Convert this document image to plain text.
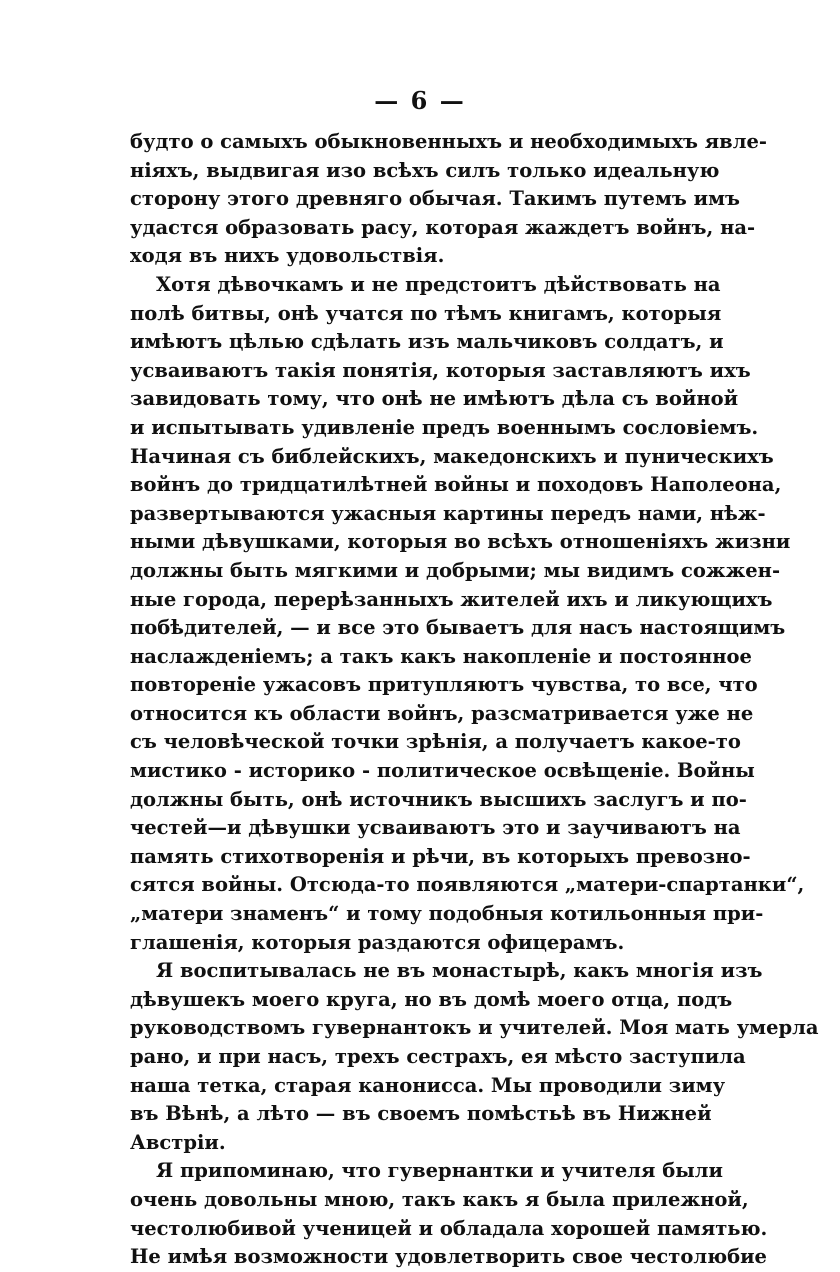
— 6 —
будто о самыхъ обыкновенныхъ и необходимыхъ явле-
ніяхъ, выдвигая изо всѣхъ силъ только идеальную
сторону этого древняго обычая. Такимъ путемъ имъ
удастся образовать расу, которая жаждетъ войнъ, на-
ходя въ нихъ удовольствія.
Хотя дѣвочкамъ и не предстоитъ дѣйствовать на
полѣ битвы, онѣ учатся по тѣмъ книгамъ, которыя
имѣютъ цѣлью сдѣлать изъ мальчиковъ солдатъ, и
усваиваютъ такія понятія, которыя заставляютъ ихъ
завидовать тому, что онѣ не имѣютъ дѣла съ войной
и испытывать удивленіе предъ военнымъ сословіемъ.
Начиная съ библейскихъ, македонскихъ и пуническихъ
войнъ до тридцатилѣтней войны и походовъ Наполеона,
развертываются ужасныя картины передъ нами, нѣж-
ными дѣвушками, которыя во всѣхъ отношеніяхъ жизни
должны быть мягкими и добрыми; мы видимъ сожжен-
ные города, перерѣзанныхъ жителей ихъ и ликующихъ
побѣдителей, — и все это бываетъ для насъ настоящимъ
наслажденіемъ; а такъ какъ накопленіе и постоянное
повтореніе ужасовъ притупляютъ чувства, то все, что
относится къ области войнъ, разсматривается уже не
съ человѣческой точки зрѣнія, а получаетъ какое-то
мистико - историко - политическое освѣщеніе. Войны
должны быть, онѣ источникъ высшихъ заслугъ и по-
честей—и дѣвушки усваиваютъ это и заучиваютъ на
память стихотворенія и рѣчи, въ которыхъ превозно-
сятся войны. Отсюда-то появляются „матери-спартанки“,
„матери знаменъ“ и тому подобныя котильонныя при-
глашенія, которыя раздаются офицерамъ.
Я воспитывалась не въ монастырѣ, какъ многія изъ
дѣвушекъ моего круга, но въ домѣ моего отца, подъ
руководствомъ гувернантокъ и учителей. Моя мать умерла
рано, и при насъ, трехъ сестрахъ, ея мѣсто заступила
наша тетка, старая канонисса. Мы проводили зиму
въ Вѣнѣ, а лѣто — въ своемъ помѣстьѣ въ Нижней
Австріи.
Я припоминаю, что гувернантки и учителя были
очень довольны мною, такъ какъ я была прилежной,
честолюбивой ученицей и обладала хорошей памятью.
Не имѣя возможности удовлетворить свое честолюбие
